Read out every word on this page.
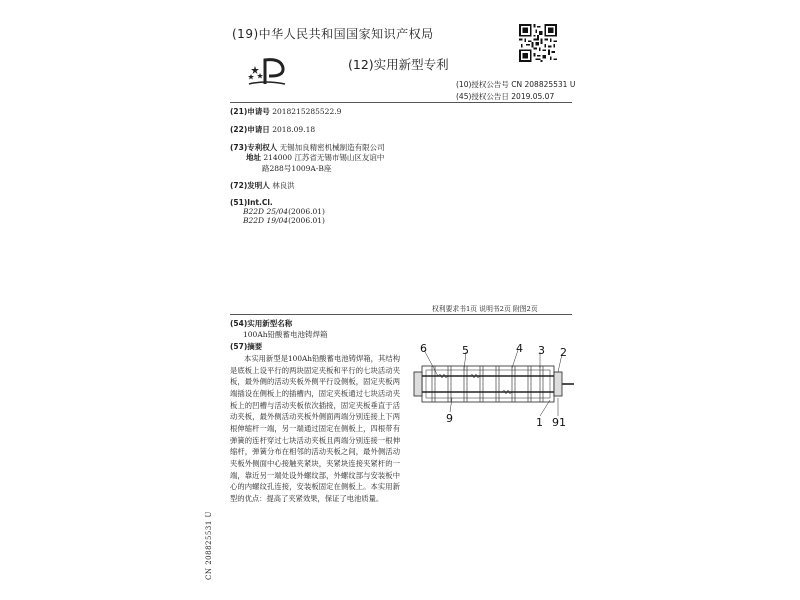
(19)中华人民共和国国家知识产权局
(12)实用新型专利
(10)授权公告号 CN 208825531 U
(45)授权公告日 2019.05.07
(21)申请号 2018215285522.9
(22)申请日 2018.09.18
(73)专利权人 无锡加良精密机械制造有限公司
地址 214000 江苏省无锡市锡山区友谊中
路288号1009A-B座
(72)发明人 林良洪
(51)Int.Cl.
B22D 25/04(2006.01)
B22D 19/04(2006.01)
权利要求书1页 说明书2页 附图2页
(54)实用新型名称
100Ah铅酸蓄电池铸焊箱
(57)摘要
本实用新型是100Ah铅酸蓄电池铸焊箱，其结构是底板上设平行的两块固定夹板和平行的七块活动夹板，最外侧的活动夹板外侧平行设侧板，固定夹板两端插设在侧板上的插槽内，固定夹板通过七块活动夹板上的凹槽与活动夹板依次插接，固定夹板垂直于活动夹板，最外侧活动夹板外侧面两端分别连接上下两根伸缩杆一端，另一端通过固定在侧板上，四根带有弹簧的连杆穿过七块活动夹板且两端分别连接一根伸缩杆，弹簧分布在相邻的活动夹板之间，最外侧活动夹板外侧面中心接触夹紧块，夹紧块连接夹紧杆的一端，靠近另一端处设外螺纹部，外螺纹部与安装板中心的内螺纹孔连接，安装板固定在侧板上。本实用新型的优点：提高了夹紧效果，保证了电池质量。
6	5	4 3 2
9	1 91
CN 208825531 U
